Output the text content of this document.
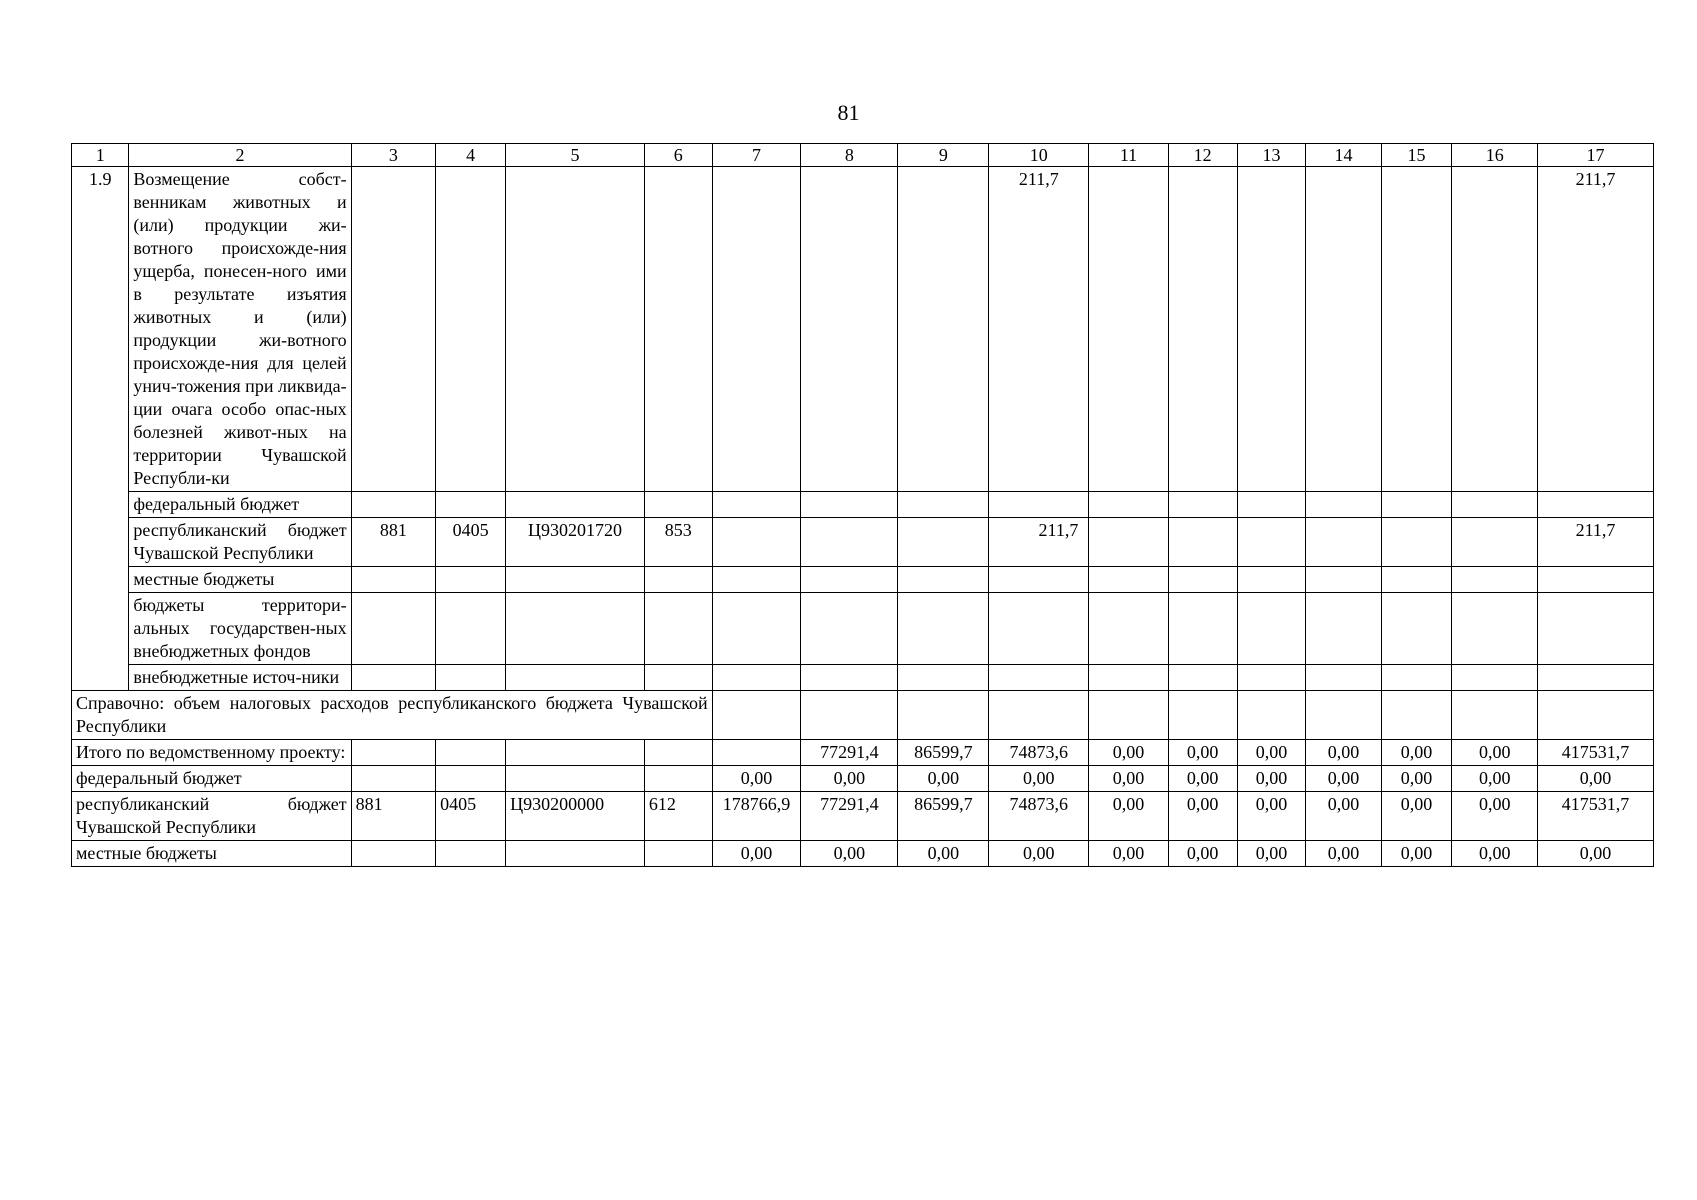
81
1	2	3	4	5	6	7	8	9	10	11	12	13	14	15	16	17
1.9	Возмещение собст-венникам животных и (или) продукции жи-вотного происхожде-ния ущерба, понесен-ного ими в результате изъятия животных и (или) продукции жи-вотного происхожде-ния для целей унич-тожения при ликвида-ции очага особо опас-ных болезней живот-ных на территории Чувашской Республи-ки								211,7							211,7
	федеральный бюджет															
	республиканский бюджет Чувашской Республики	881	0405	Ц930201720	853				211,7							211,7
	местные бюджеты															
	бюджеты территори-альных государствен-ных внебюджетных фондов															
	внебюджетные источ-ники															
Справочно: объем налоговых расходов республиканского бюджета Чувашской Республики																
Итого по ведомственному проекту:							77291,4	86599,7	74873,6	0,00	0,00	0,00	0,00	0,00	0,00	417531,7
федеральный бюджет						0,00	0,00	0,00	0,00	0,00	0,00	0,00	0,00	0,00	0,00	0,00
республиканский бюджет Чувашской Республики		881	0405	Ц930200000	612	178766,9	77291,4	86599,7	74873,6	0,00	0,00	0,00	0,00	0,00	0,00	417531,7
местные бюджеты						0,00	0,00	0,00	0,00	0,00	0,00	0,00	0,00	0,00	0,00	0,00
